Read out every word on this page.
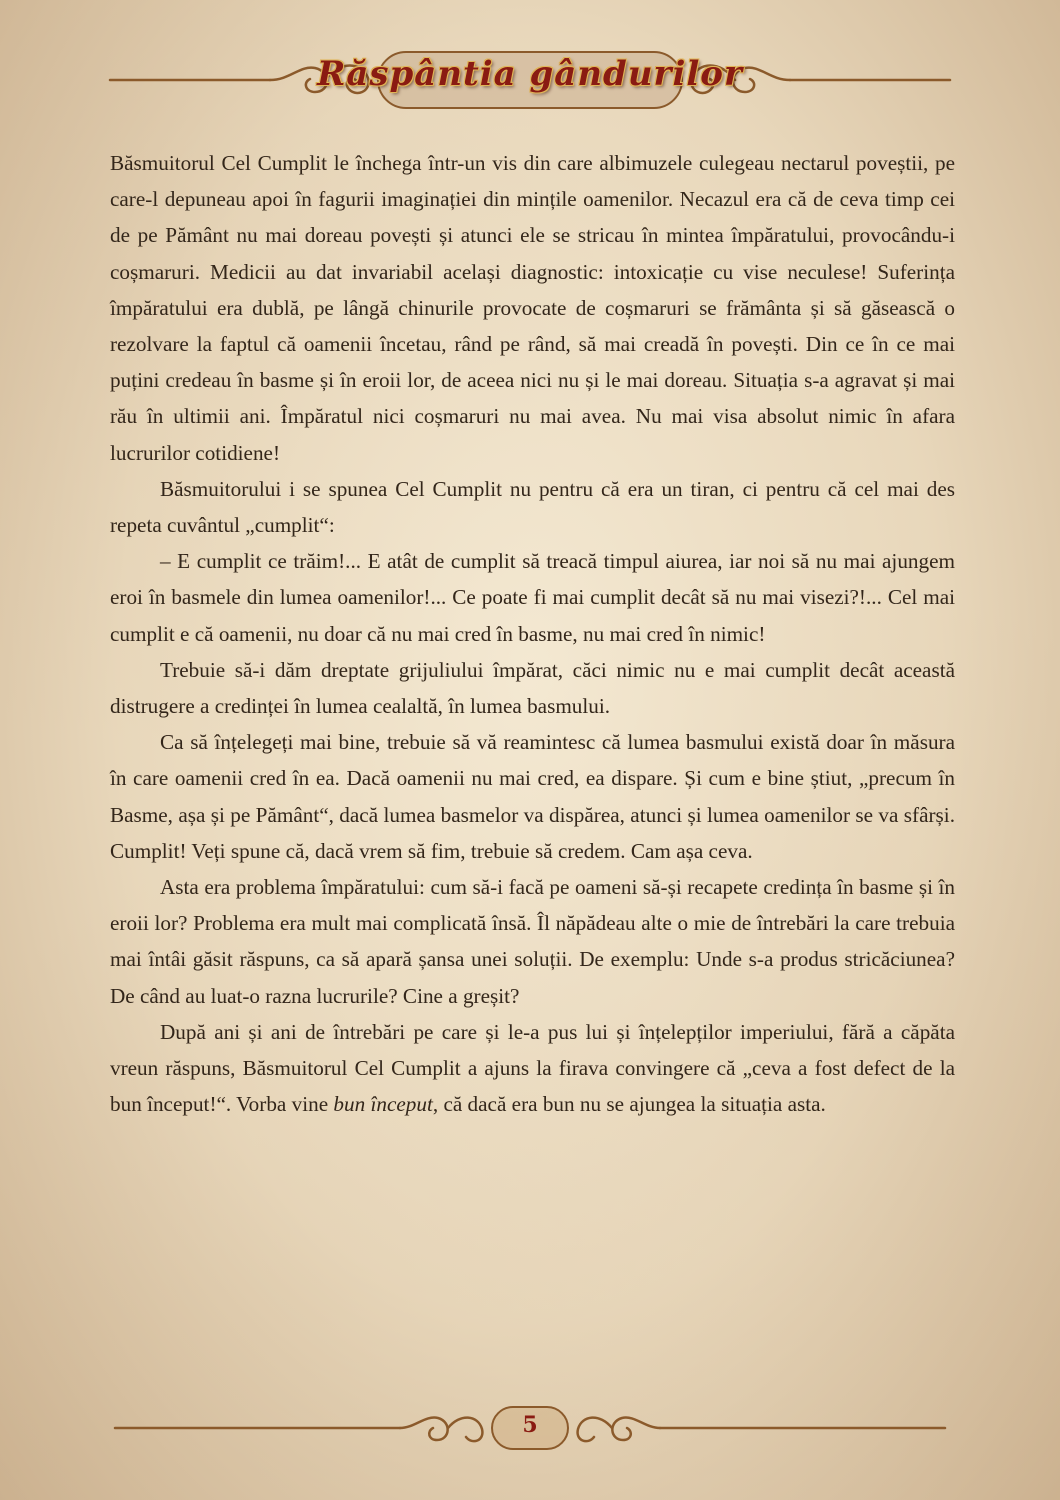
Răspântia gândurilor

Băsmuitorul Cel Cumplit le închega într-un vis din care albimuzele culegeau nectarul poveștii, pe care-l depuneau apoi în fagurii imaginației din mințile oamenilor. Necazul era că de ceva timp cei de pe Pământ nu mai doreau povești și atunci ele se stricau în mintea împăratului, provocându-i coșmaruri. Medicii au dat invariabil același diagnostic: intoxicație cu vise neculese! Suferința împăratului era dublă, pe lângă chinurile provocate de coșmaruri se frământa și să găsească o rezolvare la faptul că oamenii încetau, rând pe rând, să mai creadă în povești. Din ce în ce mai puțini credeau în basme și în eroii lor, de aceea nici nu și le mai doreau. Situația s-a agravat și mai rău în ultimii ani. Împăratul nici coșmaruri nu mai avea. Nu mai visa absolut nimic în afara lucrurilor cotidiene!

Băsmuitorului i se spunea Cel Cumplit nu pentru că era un tiran, ci pentru că cel mai des repeta cuvântul „cumplit“:

– E cumplit ce trăim!... E atât de cumplit să treacă timpul aiurea, iar noi să nu mai ajungem eroi în basmele din lumea oamenilor!... Ce poate fi mai cumplit decât să nu mai visezi?!... Cel mai cumplit e că oamenii, nu doar că nu mai cred în basme, nu mai cred în nimic!

Trebuie să-i dăm dreptate grijuliului împărat, căci nimic nu e mai cumplit decât această distrugere a credinței în lumea cealaltă, în lumea basmului.

Ca să înțelegeți mai bine, trebuie să vă reamintesc că lumea basmului există doar în măsura în care oamenii cred în ea. Dacă oamenii nu mai cred, ea dispare. Și cum e bine știut, „precum în Basme, așa și pe Pământ“, dacă lumea basmelor va dispărea, atunci și lumea oamenilor se va sfârși. Cumplit! Veți spune că, dacă vrem să fim, trebuie să credem. Cam așa ceva.

Asta era problema împăratului: cum să-i facă pe oameni să-și recapete credința în basme și în eroii lor? Problema era mult mai complicată însă. Îl năpădeau alte o mie de întrebări la care trebuia mai întâi găsit răspuns, ca să apară șansa unei soluții. De exemplu: Unde s-a produs stricăciunea? De când au luat-o razna lucrurile? Cine a greșit?

După ani și ani de întrebări pe care și le-a pus lui și înțelepților imperiului, fără a căpăta vreun răspuns, Băsmuitorul Cel Cumplit a ajuns la firava convingere că „ceva a fost defect de la bun început!“. Vorba vine bun început, că dacă era bun nu se ajungea la situația asta.

5
